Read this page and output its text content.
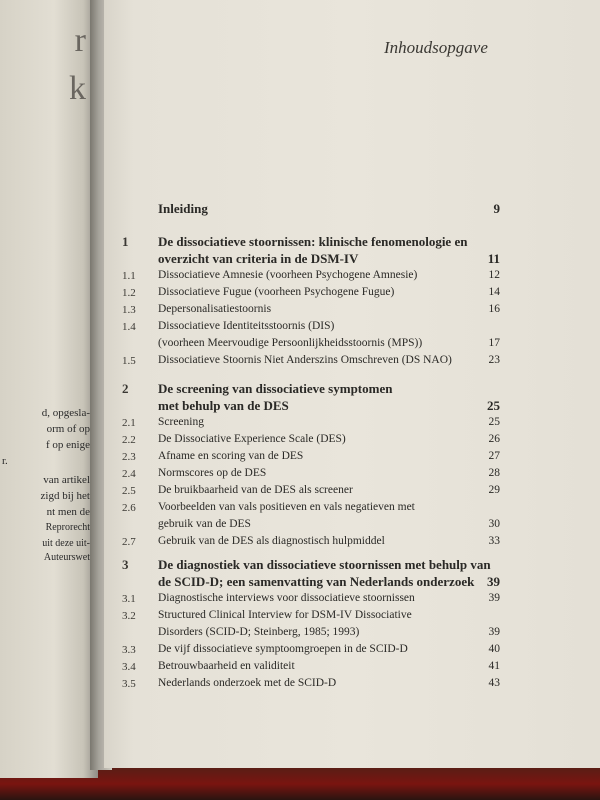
r
k
d, opgesla-
orm of op
f op enige
r.
van artikel
zigd bij het
nt men de
Reprorecht
uit deze uit-
Auteurswet
Inhoudsopgave
Inleiding	9
1 De dissociatieve stoornissen: klinische fenomenologie en
overzicht van criteria in de DSM-IV	11
1.1 Dissociatieve Amnesie (voorheen Psychogene Amnesie)	12
1.2 Dissociatieve Fugue (voorheen Psychogene Fugue)	14
1.3 Depersonalisatiestoornis	16
1.4 Dissociatieve Identiteitsstoornis (DIS)
(voorheen Meervoudige Persoonlijkheidsstoornis (MPS))	17
1.5 Dissociatieve Stoornis Niet Anderszins Omschreven (DS NAO)	23
2 De screening van dissociatieve symptomen
met behulp van de DES	25
2.1 Screening	25
2.2 De Dissociative Experience Scale (DES)	26
2.3 Afname en scoring van de DES	27
2.4 Normscores op de DES	28
2.5 De bruikbaarheid van de DES als screener	29
2.6 Voorbeelden van vals positieven en vals negatieven met
gebruik van de DES	30
2.7 Gebruik van de DES als diagnostisch hulpmiddel	33
3 De diagnostiek van dissociatieve stoornissen met behulp van
de SCID-D; een samenvatting van Nederlands onderzoek 39
3.1 Diagnostische interviews voor dissociatieve stoornissen	39
3.2 Structured Clinical Interview for DSM-IV Dissociative
Disorders (SCID-D; Steinberg, 1985; 1993)	39
3.3 De vijf dissociatieve symptoomgroepen in de SCID-D	40
3.4 Betrouwbaarheid en validiteit	41
3.5 Nederlands onderzoek met de SCID-D	43
